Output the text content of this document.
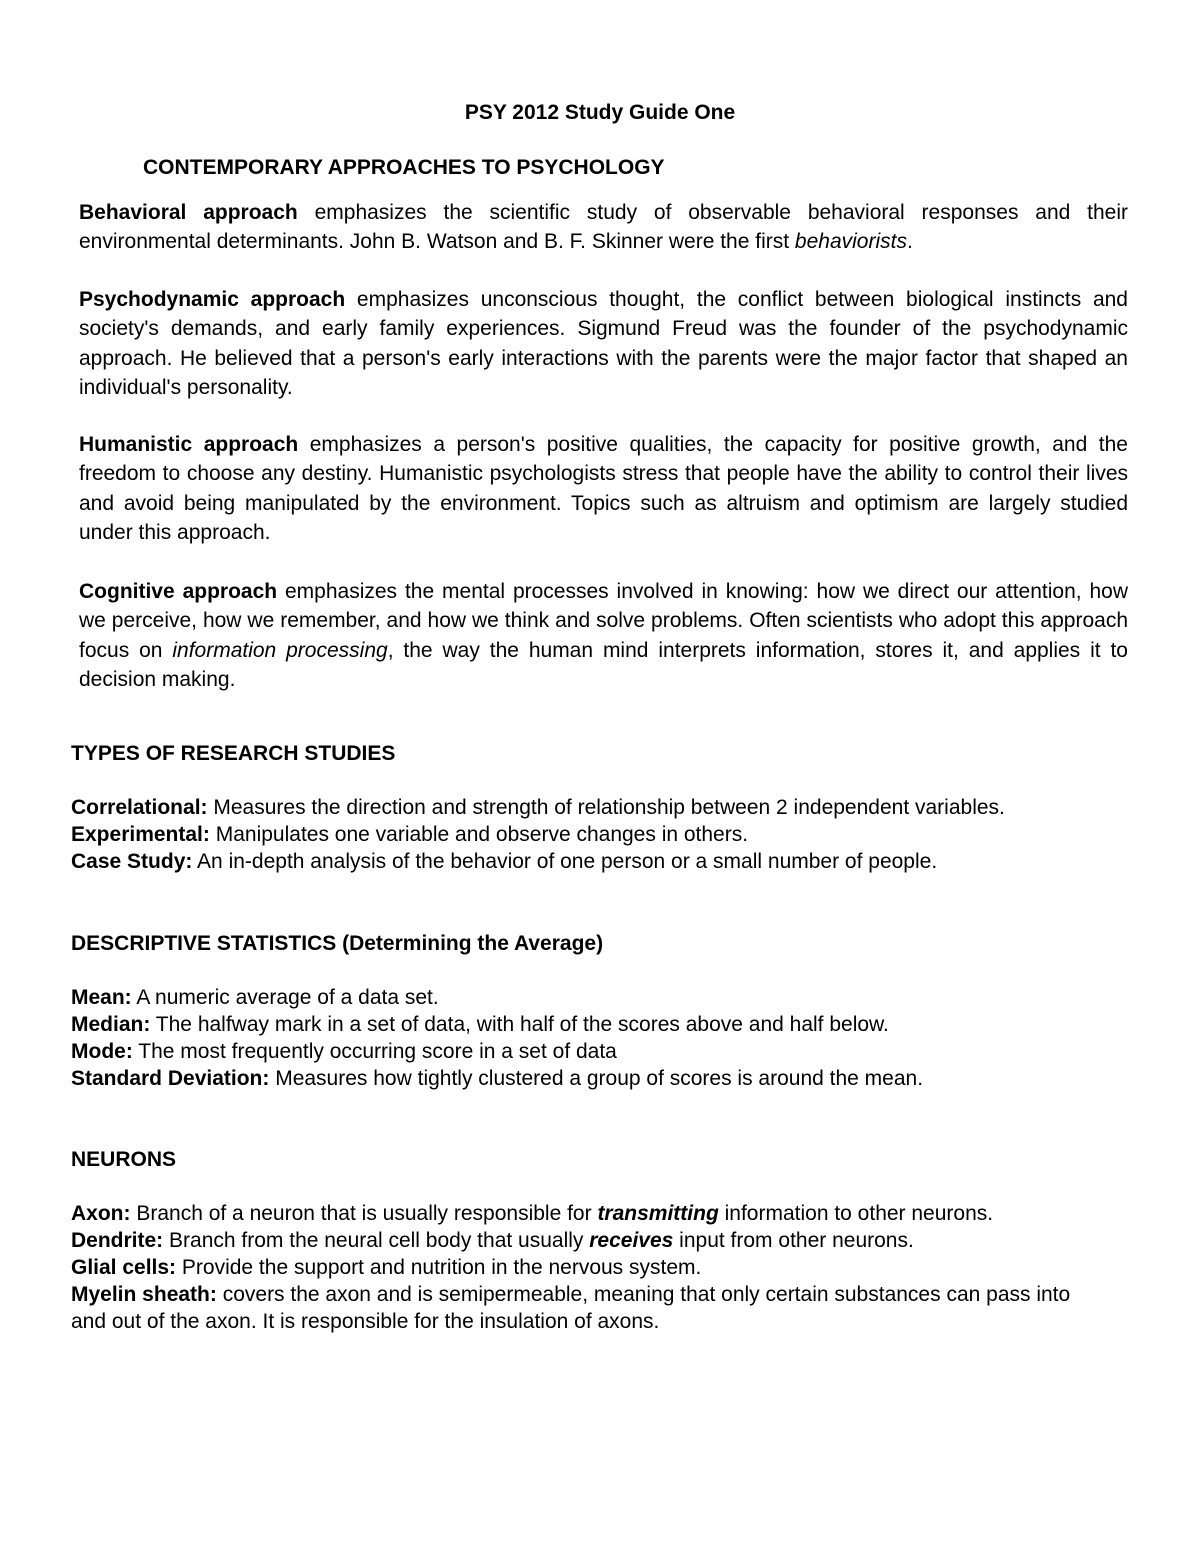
PSY 2012 Study Guide One
CONTEMPORARY APPROACHES TO PSYCHOLOGY
Behavioral approach emphasizes the scientific study of observable behavioral responses and their environmental determinants. John B. Watson and B. F. Skinner were the first behaviorists.
Psychodynamic approach emphasizes unconscious thought, the conflict between biological instincts and society's demands, and early family experiences. Sigmund Freud was the founder of the psychodynamic approach. He believed that a person's early interactions with the parents were the major factor that shaped an individual's personality.
Humanistic approach emphasizes a person's positive qualities, the capacity for positive growth, and the freedom to choose any destiny. Humanistic psychologists stress that people have the ability to control their lives and avoid being manipulated by the environment. Topics such as altruism and optimism are largely studied under this approach.
Cognitive approach emphasizes the mental processes involved in knowing: how we direct our attention, how we perceive, how we remember, and how we think and solve problems. Often scientists who adopt this approach focus on information processing, the way the human mind interprets information, stores it, and applies it to decision making.
TYPES OF RESEARCH STUDIES
Correlational: Measures the direction and strength of relationship between 2 independent variables.
Experimental: Manipulates one variable and observe changes in others.
Case Study: An in-depth analysis of the behavior of one person or a small number of people.
DESCRIPTIVE STATISTICS (Determining the Average)
Mean: A numeric average of a data set.
Median: The halfway mark in a set of data, with half of the scores above and half below.
Mode: The most frequently occurring score in a set of data
Standard Deviation: Measures how tightly clustered a group of scores is around the mean.
NEURONS
Axon: Branch of a neuron that is usually responsible for transmitting information to other neurons.
Dendrite: Branch from the neural cell body that usually receives input from other neurons.
Glial cells: Provide the support and nutrition in the nervous system.
Myelin sheath: covers the axon and is semipermeable, meaning that only certain substances can pass into and out of the axon. It is responsible for the insulation of axons.
